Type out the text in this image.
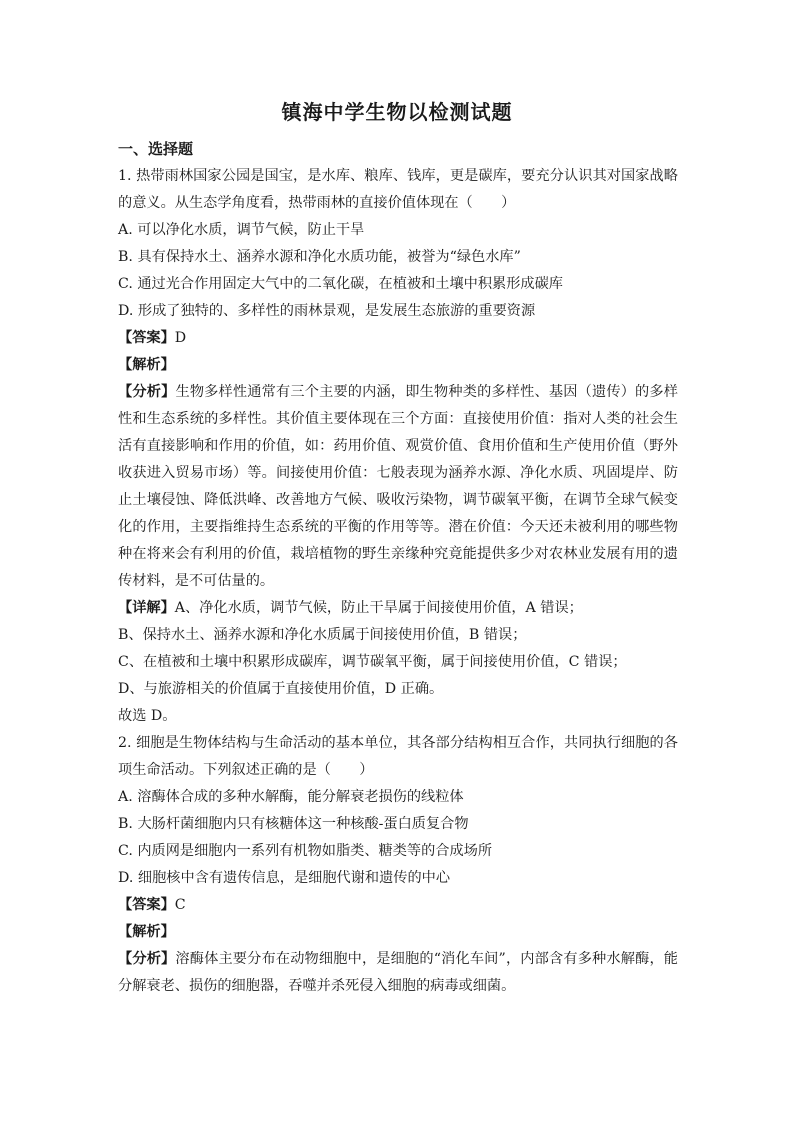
镇海中学生物以检测试题
一、选择题
1. 热带雨林国家公园是国宝，是水库、粮库、钱库，更是碳库，要充分认识其对国家战略的意义。从生态学角度看，热带雨林的直接价值体现在（　　）
A. 可以净化水质，调节气候，防止干旱
B. 具有保持水土、涵养水源和净化水质功能，被誉为“绿色水库”
C. 通过光合作用固定大气中的二氧化碳，在植被和土壤中积累形成碳库
D. 形成了独特的、多样性的雨林景观，是发展生态旅游的重要资源
【答案】D
【解析】
【分析】生物多样性通常有三个主要的内涵，即生物种类的多样性、基因（遗传）的多样性和生态系统的多样性。其价值主要体现在三个方面：直接使用价值：指对人类的社会生活有直接影响和作用的价值，如：药用价值、观赏价值、食用价值和生产使用价值（野外收获进入贸易市场）等。间接使用价值：七般表现为涵养水源、净化水质、巩固堤岸、防止土壤侵蚀、降低洪峰、改善地方气候、吸收污染物，调节碳氧平衡，在调节全球气候变化的作用，主要指维持生态系统的平衡的作用等等。潜在价值：今天还未被利用的哪些物种在将来会有利用的价值，栽培植物的野生亲缘种究竟能提供多少对农林业发展有用的遗传材料，是不可估量的。
【详解】A、净化水质，调节气候，防止干旱属于间接使用价值，A 错误；
B、保持水土、涵养水源和净化水质属于间接使用价值，B 错误；
C、在植被和土壤中积累形成碳库，调节碳氧平衡，属于间接使用价值，C 错误；
D、与旅游相关的价值属于直接使用价值，D 正确。
故选 D。
2. 细胞是生物体结构与生命活动的基本单位，其各部分结构相互合作，共同执行细胞的各项生命活动。下列叙述正确的是（　　）
A. 溶酶体合成的多种水解酶，能分解衰老损伤的线粒体
B. 大肠杆菌细胞内只有核糖体这一种核酸-蛋白质复合物
C. 内质网是细胞内一系列有机物如脂类、糖类等的合成场所
D. 细胞核中含有遗传信息，是细胞代谢和遗传的中心
【答案】C
【解析】
【分析】溶酶体主要分布在动物细胞中，是细胞的“消化车间”，内部含有多种水解酶，能分解衰老、损伤的细胞器，吞噬并杀死侵入细胞的病毒或细菌。
